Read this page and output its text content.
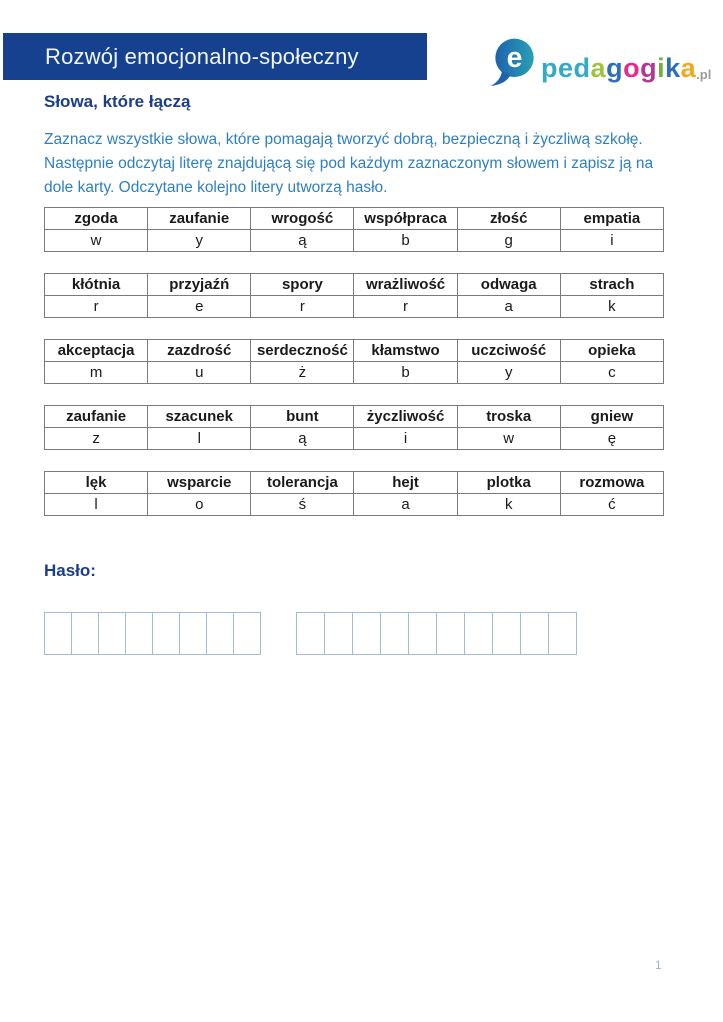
Rozwój emocjonalno-społeczny	e p e d a g o g i k a .pl
Słowa, które łączą
Zaznacz wszystkie słowa, które pomagają tworzyć dobrą, bezpieczną i życzliwą szkołę.
Następnie odczytaj literę znajdującą się pod każdym zaznaczonym słowem i zapisz ją na
dole karty. Odczytane kolejno litery utworzą hasło.
zgoda	zaufanie	wrogość	współpraca	złość	empatia
w	y	ą	b	g	i
kłótnia	przyjaźń	spory	wrażliwość	odwaga	strach
r	e	r	r	a	k
akceptacja	zazdrość	serdeczność	kłamstwo	uczciwość	opieka
m	u	ż	b	y	c
zaufanie	szacunek	bunt	życzliwość	troska	gniew
z	l	ą	i	w	ę
lęk	wsparcie	tolerancja	hejt	plotka	rozmowa
l	o	ś	a	k	ć
Hasło:
1
